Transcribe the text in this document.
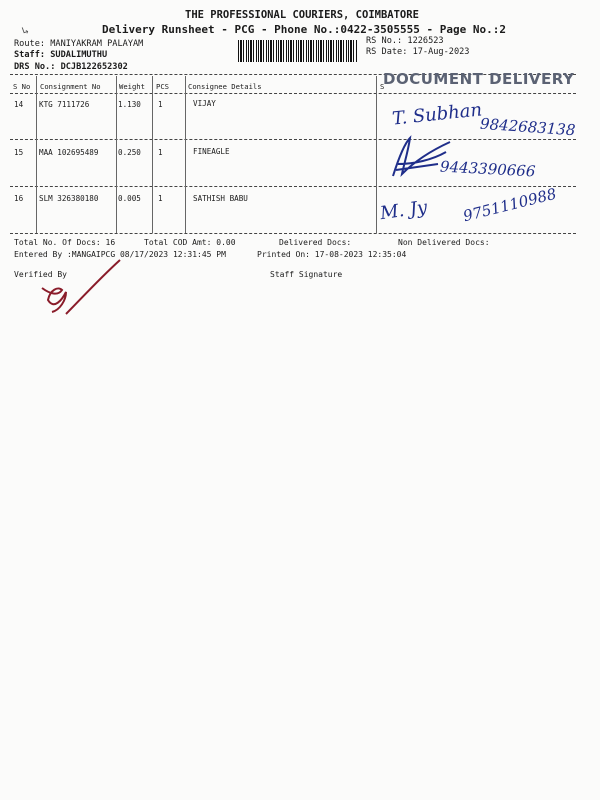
↳
THE PROFESSIONAL COURIERS, COIMBATORE
Delivery Runsheet - PCG - Phone No.:0422-3505555 - Page No.:2
Route: MANIYAKRAM PALAYAM
Staff: SUDALIMUTHU
DRS No.: DCJB122652302
RS No.: 1226523
RS Date: 17-Aug-2023
S No Consignment No	Weight PCS	Consignee Details	S
14 KTG 7111726	1.130 1	VIJAY
15 MAA 102695489	0.250 1	FINEAGLE
16 SLM 326380180	0.005 1	SATHISH BABU
DOCUMENT DELIVERY
T. Subhan
9842683138
9443390666
M. Jy 9751110988
Total No. Of Docs: 16	Total COD Amt: 0.00	Delivered Docs:	Non Delivered Docs:
Entered By :MANGAIPCG 08/17/2023 12:31:45 PM	Printed On: 17-08-2023 12:35:04
Verified By	Staff Signature
